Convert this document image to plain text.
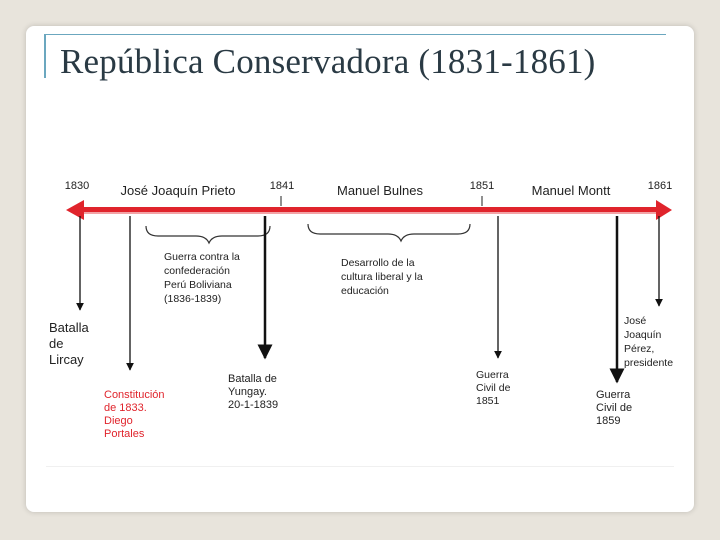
República Conservadora (1831-1861)
1830	1841	1851	1861
José Joaquín Prieto	Manuel Bulnes	Manuel Montt
Guerra contra la confederación Perú Boliviana (1836-1839)
Desarrollo de la cultura liberal y la educación
Batalla de Lircay
Constitución de 1833. Diego Portales
Batalla de Yungay. 20-1-1839
Guerra Civil de 1851	Guerra Civil de 1859
José Joaquín Pérez, presidente
